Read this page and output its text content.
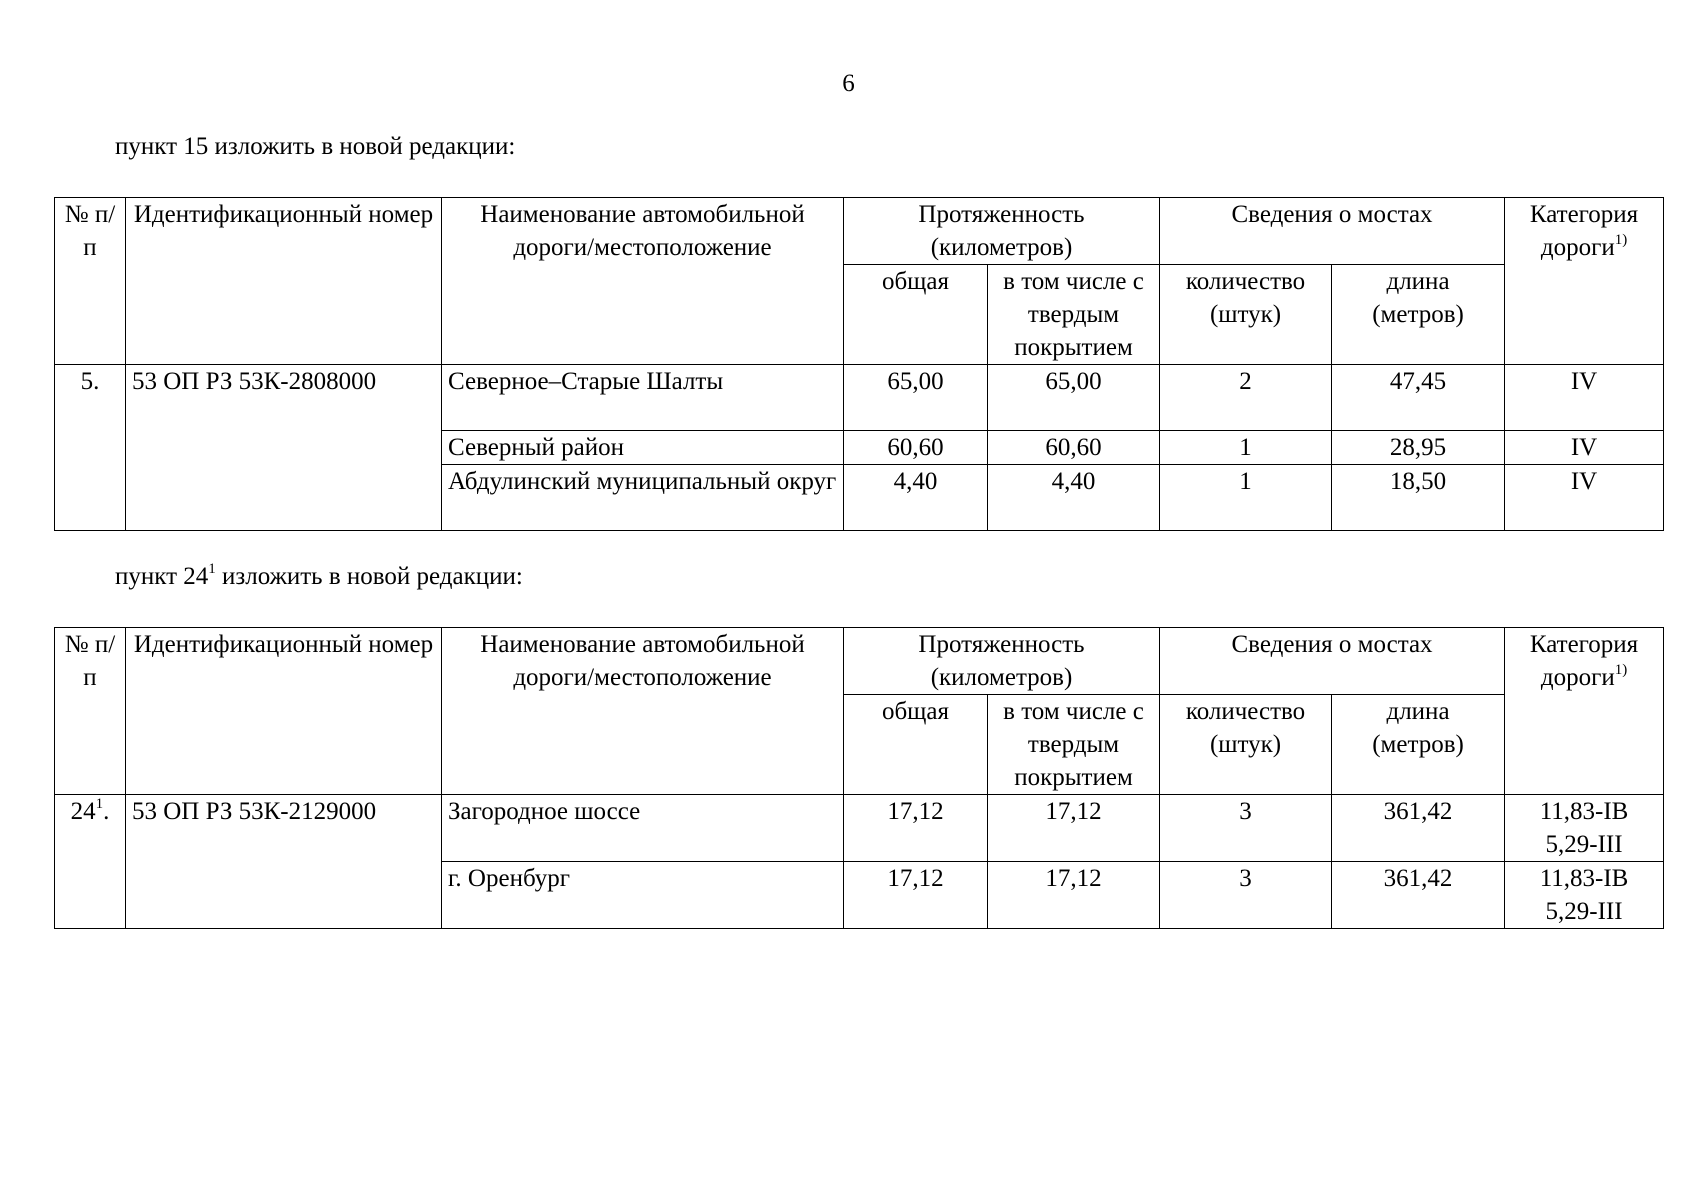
6
пункт 15 изложить в новой редакции:
№ п/п	Идентификационный номер	Наименование автомобильной дороги/местоположение	Протяженность (километров)		Сведения о мостах		Категория дороги$^{1)}$
			общая	в том числе с твердым покрытием	количество (штук)	длина (метров)	
5.	53 ОП РЗ 53К-2808000	Северное–Старые Шалты	65,00	65,00	2	47,45	IV
		Северный район	60,60	60,60	1	28,95	IV
		Абдулинский муниципальный округ	4,40	4,40	1	18,50	IV
пункт $24^1$ изложить в новой редакции:
№ п/п	Идентификационный номер	Наименование автомобильной дороги/местоположение	Протяженность (километров)		Сведения о мостах		Категория дороги$^{1)}$
			общая	в том числе с твердым покрытием	количество (штук)	длина (метров)	
$24^1$.	53 ОП РЗ 53К-2129000	Загородное шоссе	17,12	17,12	3	361,42	11,83-IB
5,29-III

		г. Оренбург	17,12	17,12	3	361,42	11,83-IB
5,29-III
